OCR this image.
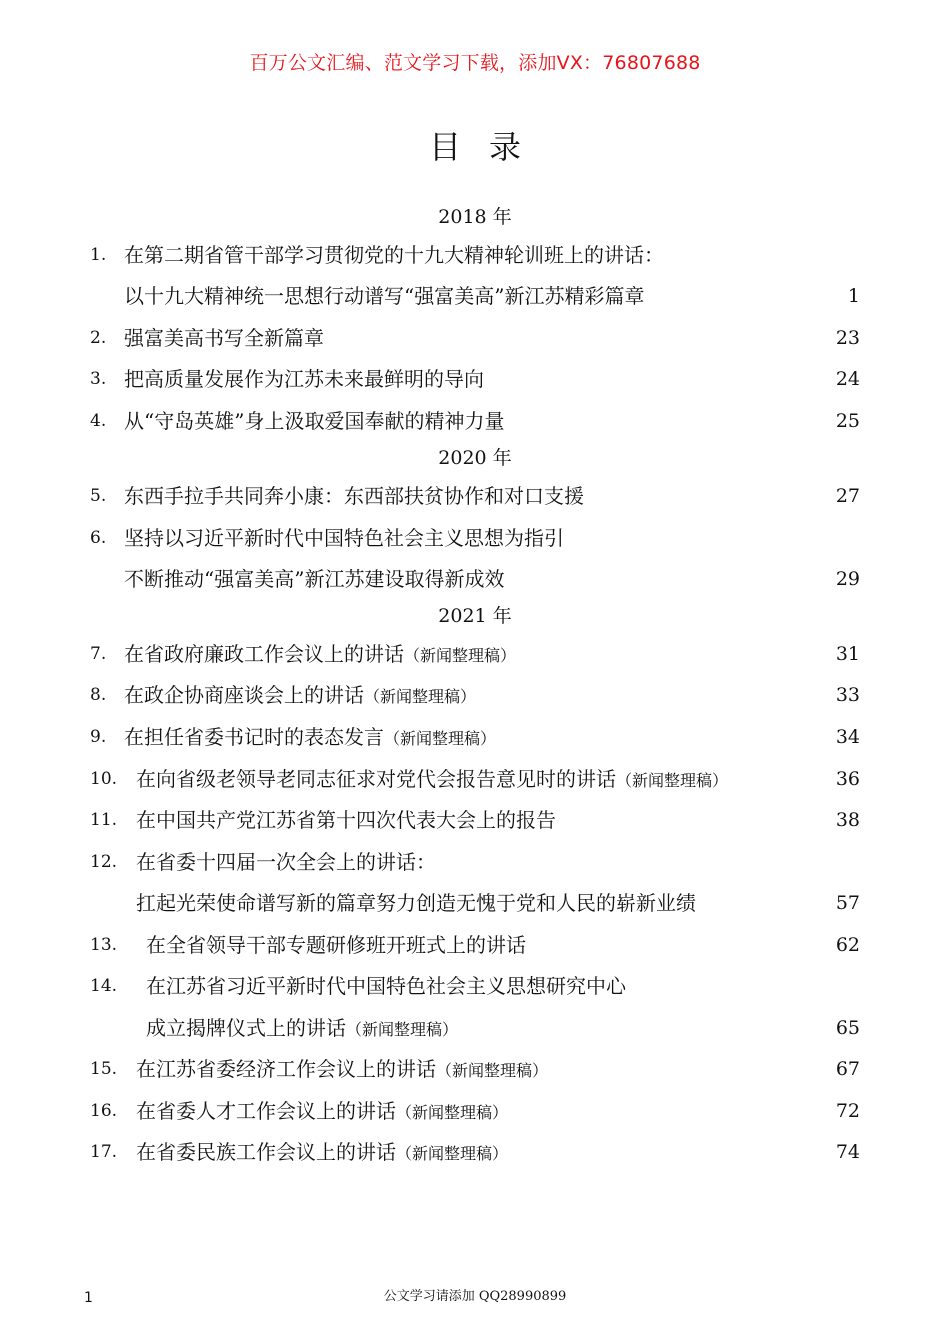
百万公文汇编、范文学习下载，添加VX：76807688
目录
2018 年
1. 在第二期省管干部学习贯彻党的十九大精神轮训班上的讲话：
以十九大精神统一思想行动谱写“强富美高”新江苏精彩篇章	1
2. 强富美高书写全新篇章	23
3. 把高质量发展作为江苏未来最鲜明的导向	24
4. 从“守岛英雄”身上汲取爱国奉献的精神力量	25
2020 年
5. 东西手拉手共同奔小康：东西部扶贫协作和对口支援	27
6. 坚持以习近平新时代中国特色社会主义思想为指引
不断推动“强富美高”新江苏建设取得新成效	29
2021 年
7. 在省政府廉政工作会议上的讲话（新闻整理稿）	31
8. 在政企协商座谈会上的讲话（新闻整理稿）	33
9. 在担任省委书记时的表态发言（新闻整理稿）	34
10. 在向省级老领导老同志征求对党代会报告意见时的讲话（新闻整理稿）	36
11. 在中国共产党江苏省第十四次代表大会上的报告	38
12. 在省委十四届一次全会上的讲话：
扛起光荣使命谱写新的篇章努力创造无愧于党和人民的崭新业绩	57
13. 在全省领导干部专题研修班开班式上的讲话	62
14. 在江苏省习近平新时代中国特色社会主义思想研究中心
成立揭牌仪式上的讲话（新闻整理稿）	65
15. 在江苏省委经济工作会议上的讲话（新闻整理稿）	67
16. 在省委人才工作会议上的讲话（新闻整理稿）	72
17. 在省委民族工作会议上的讲话（新闻整理稿）	74
公文学习请添加 QQ28990899
1
